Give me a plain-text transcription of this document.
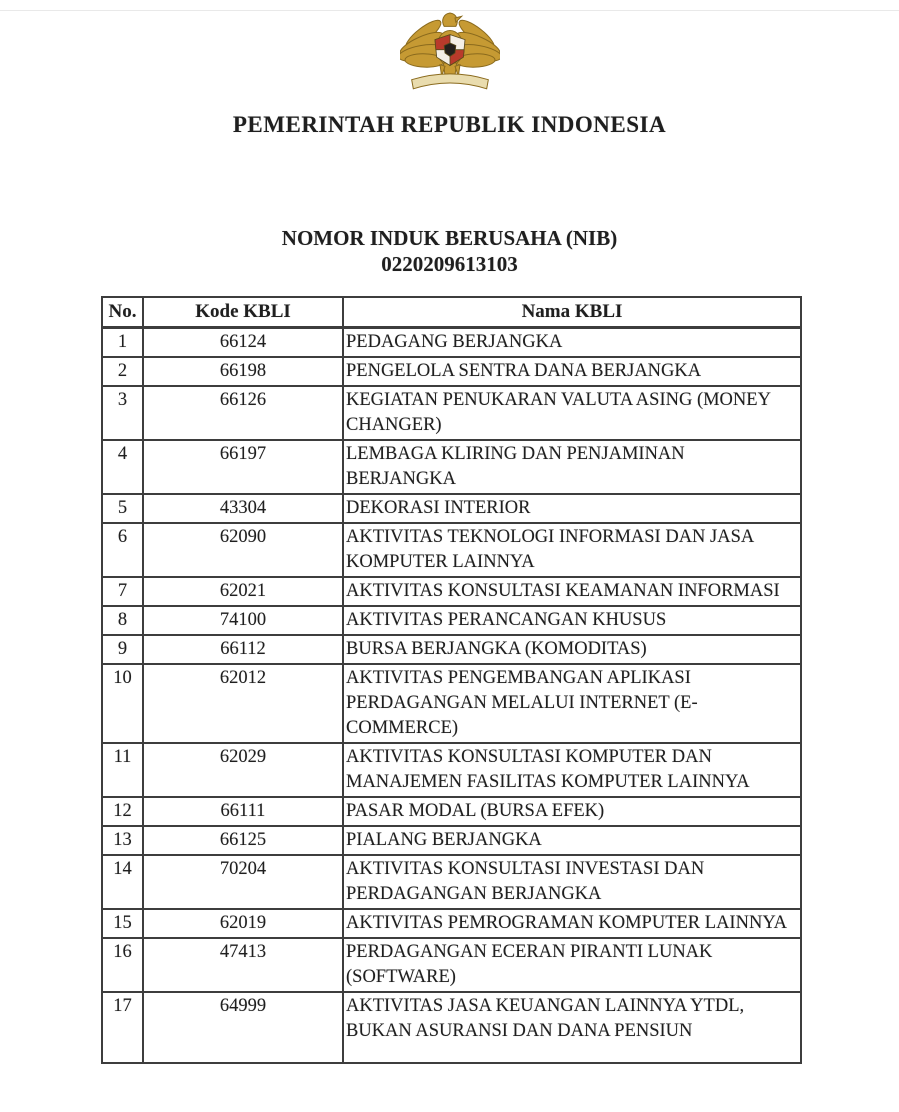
PEMERINTAH REPUBLIK INDONESIA
NOMOR INDUK BERUSAHA (NIB)
0220209613103
No.	Kode KBLI	Nama KBLI
1	66124	PEDAGANG BERJANGKA
2	66198	PENGELOLA SENTRA DANA BERJANGKA
3	66126	KEGIATAN PENUKARAN VALUTA ASING (MONEY CHANGER)
4	66197	LEMBAGA KLIRING DAN PENJAMINAN BERJANGKA
5	43304	DEKORASI INTERIOR
6	62090	AKTIVITAS TEKNOLOGI INFORMASI DAN JASA KOMPUTER LAINNYA
7	62021	AKTIVITAS KONSULTASI KEAMANAN INFORMASI
8	74100	AKTIVITAS PERANCANGAN KHUSUS
9	66112	BURSA BERJANGKA (KOMODITAS)
10	62012	AKTIVITAS PENGEMBANGAN APLIKASI PERDAGANGAN MELALUI INTERNET (E-COMMERCE)
11	62029	AKTIVITAS KONSULTASI KOMPUTER DAN MANAJEMEN FASILITAS KOMPUTER LAINNYA
12	66111	PASAR MODAL (BURSA EFEK)
13	66125	PIALANG BERJANGKA
14	70204	AKTIVITAS KONSULTASI INVESTASI DAN PERDAGANGAN BERJANGKA
15	62019	AKTIVITAS PEMROGRAMAN KOMPUTER LAINNYA
16	47413	PERDAGANGAN ECERAN PIRANTI LUNAK (SOFTWARE)
17	64999	AKTIVITAS JASA KEUANGAN LAINNYA YTDL, BUKAN ASURANSI DAN DANA PENSIUN
